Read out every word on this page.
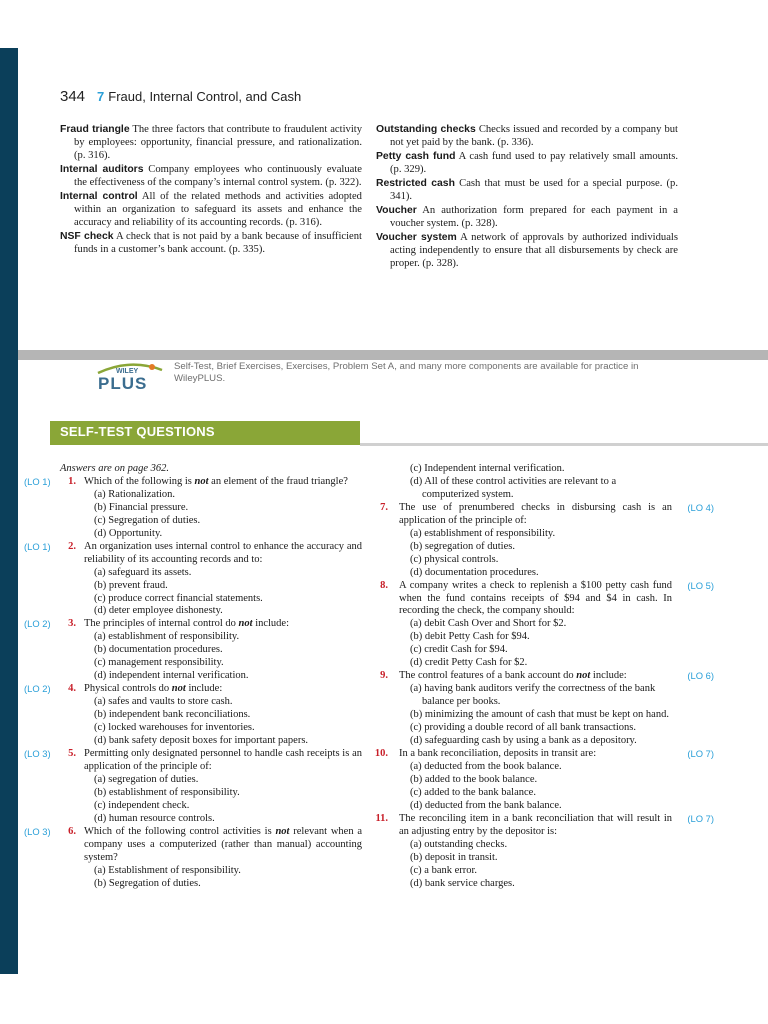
344 7 Fraud, Internal Control, and Cash
Fraud triangle The three factors that contribute to fraudulent activity by employees: opportunity, financial pressure, and rationalization. (p. 316).
Internal auditors Company employees who continuously evaluate the effectiveness of the company’s internal control system. (p. 322).
Internal control All of the related methods and activities adopted within an organization to safeguard its assets and enhance the accuracy and reliability of its accounting records. (p. 316).
NSF check A check that is not paid by a bank because of insufficient funds in a customer’s bank account. (p. 335).
Outstanding checks Checks issued and recorded by a company but not yet paid by the bank. (p. 336).
Petty cash fund A cash fund used to pay relatively small amounts. (p. 329).
Restricted cash Cash that must be used for a special purpose. (p. 341).
Voucher An authorization form prepared for each payment in a voucher system. (p. 328).
Voucher system A network of approvals by authorized individuals acting independently to ensure that all disbursements by check are proper. (p. 328).
WILEY
PLUS
Self-Test, Brief Exercises, Exercises, Problem Set A, and many more components are available for practice in WileyPLUS.
SELF-TEST QUESTIONS
Answers are on page 362.
(LO 1)	1. Which of the following is not an element of the fraud triangle?
(a) Rationalization.
(b) Financial pressure.
(c) Segregation of duties.
(d) Opportunity.
(LO 1)	2. An organization uses internal control to enhance the accuracy and reliability of its accounting records and to:
(a) safeguard its assets.
(b) prevent fraud.
(c) produce correct financial statements.
(d) deter employee dishonesty.
(LO 2)	3. The principles of internal control do not include:
(a) establishment of responsibility.
(b) documentation procedures.
(c) management responsibility.
(d) independent internal verification.
(LO 2)	4. Physical controls do not include:
(a) safes and vaults to store cash.
(b) independent bank reconciliations.
(c) locked warehouses for inventories.
(d) bank safety deposit boxes for important papers.
(LO 3)	5. Permitting only designated personnel to handle cash receipts is an application of the principle of:
(a) segregation of duties.
(b) establishment of responsibility.
(c) independent check.
(d) human resource controls.
(LO 3)	6. Which of the following control activities is not relevant when a company uses a computerized (rather than manual) accounting system?
(a) Establishment of responsibility.
(b) Segregation of duties.
(c) Independent internal verification.
(d) All of these control activities are relevant to a computerized system.
(LO 4)
7. The use of prenumbered checks in disbursing cash is an application of the principle of:
(a) establishment of responsibility.
(b) segregation of duties.
(c) physical controls.
(d) documentation procedures.
(LO 5)
8. A company writes a check to replenish a $100 petty cash fund when the fund contains receipts of $94 and $4 in cash. In recording the check, the company should:
(a) debit Cash Over and Short for $2.
(b) debit Petty Cash for $94.
(c) credit Cash for $94.
(d) credit Petty Cash for $2.
(LO 6)
9. The control features of a bank account do not include:
(a) having bank auditors verify the correctness of the bank balance per books.
(b) minimizing the amount of cash that must be kept on hand.
(c) providing a double record of all bank transactions.
(d) safeguarding cash by using a bank as a depository.
(LO 7)
10. In a bank reconciliation, deposits in transit are:
(a) deducted from the book balance.
(b) added to the book balance.
(c) added to the bank balance.
(d) deducted from the bank balance.
(LO 7)
11. The reconciling item in a bank reconciliation that will result in an adjusting entry by the depositor is:
(a) outstanding checks.
(b) deposit in transit.
(c) a bank error.
(d) bank service charges.
